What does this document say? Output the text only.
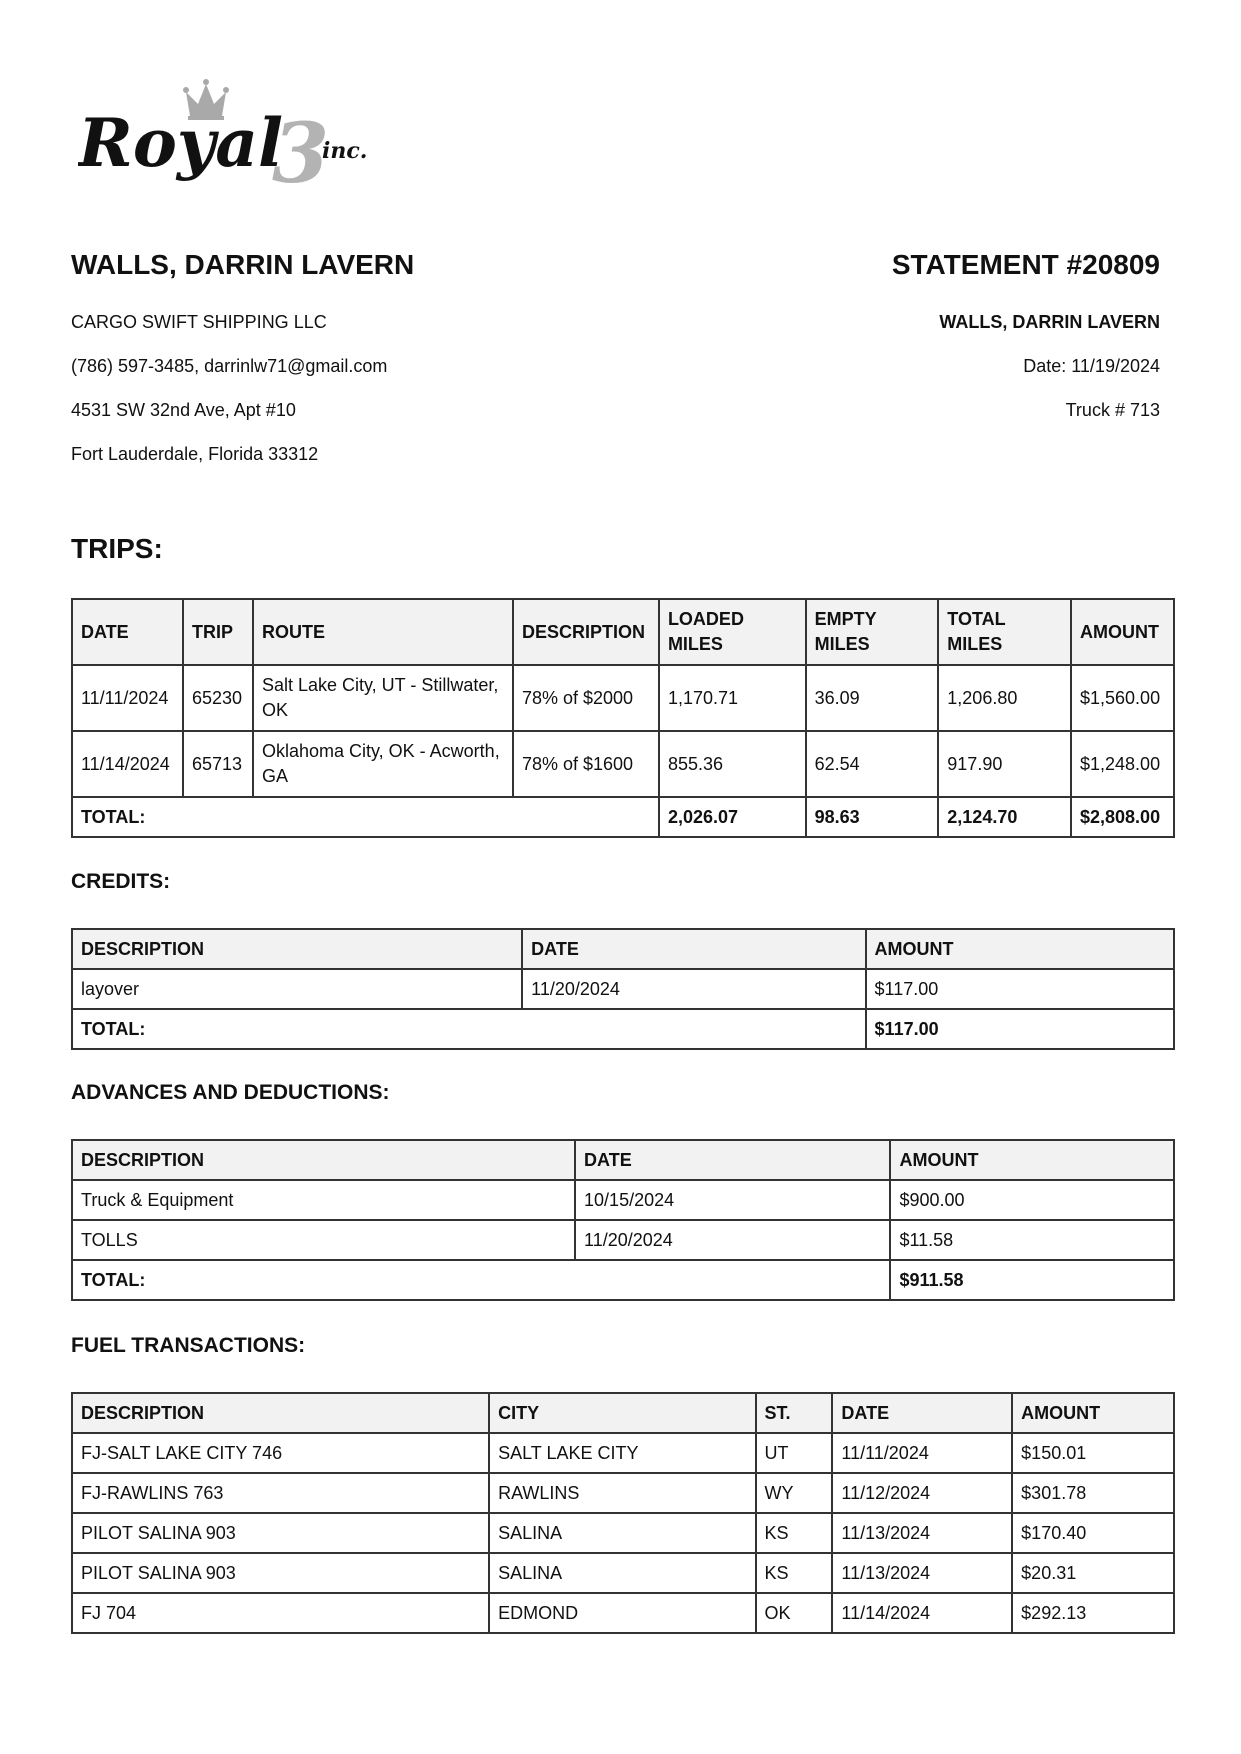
Royal
3
inc.
WALLS, DARRIN LAVERN	STATEMENT #20809
CARGO SWIFT SHIPPING LLC
(786) 597-3485, darrinlw71@gmail.com
4531 SW 32nd Ave, Apt #10
Fort Lauderdale, Florida 33312
WALLS, DARRIN LAVERN
Date: 11/19/2024
Truck # 713
TRIPS:
DATE	TRIP	ROUTE	DESCRIPTION	LOADED MILES	EMPTY MILES	TOTAL MILES	AMOUNT
11/11/2024	65230	Salt Lake City, UT - Stillwater, OK	78% of $2000	1,170.71	36.09	1,206.80	$1,560.00
11/14/2024	65713	Oklahoma City, OK - Acworth, GA	78% of $1600	855.36	62.54	917.90	$1,248.00
TOTAL:				2,026.07	98.63	2,124.70	$2,808.00
CREDITS:
DESCRIPTION	DATE	AMOUNT
layover	11/20/2024	$117.00
TOTAL:		$117.00
ADVANCES AND DEDUCTIONS:
DESCRIPTION	DATE	AMOUNT
Truck & Equipment	10/15/2024	$900.00
TOLLS	11/20/2024	$11.58
TOTAL:		$911.58
FUEL TRANSACTIONS:
DESCRIPTION	CITY	ST.	DATE	AMOUNT
FJ-SALT LAKE CITY 746	SALT LAKE CITY	UT	11/11/2024	$150.01
FJ-RAWLINS 763	RAWLINS	WY	11/12/2024	$301.78
PILOT SALINA 903	SALINA	KS	11/13/2024	$170.40
PILOT SALINA 903	SALINA	KS	11/13/2024	$20.31
FJ 704	EDMOND	OK	11/14/2024	$292.13
